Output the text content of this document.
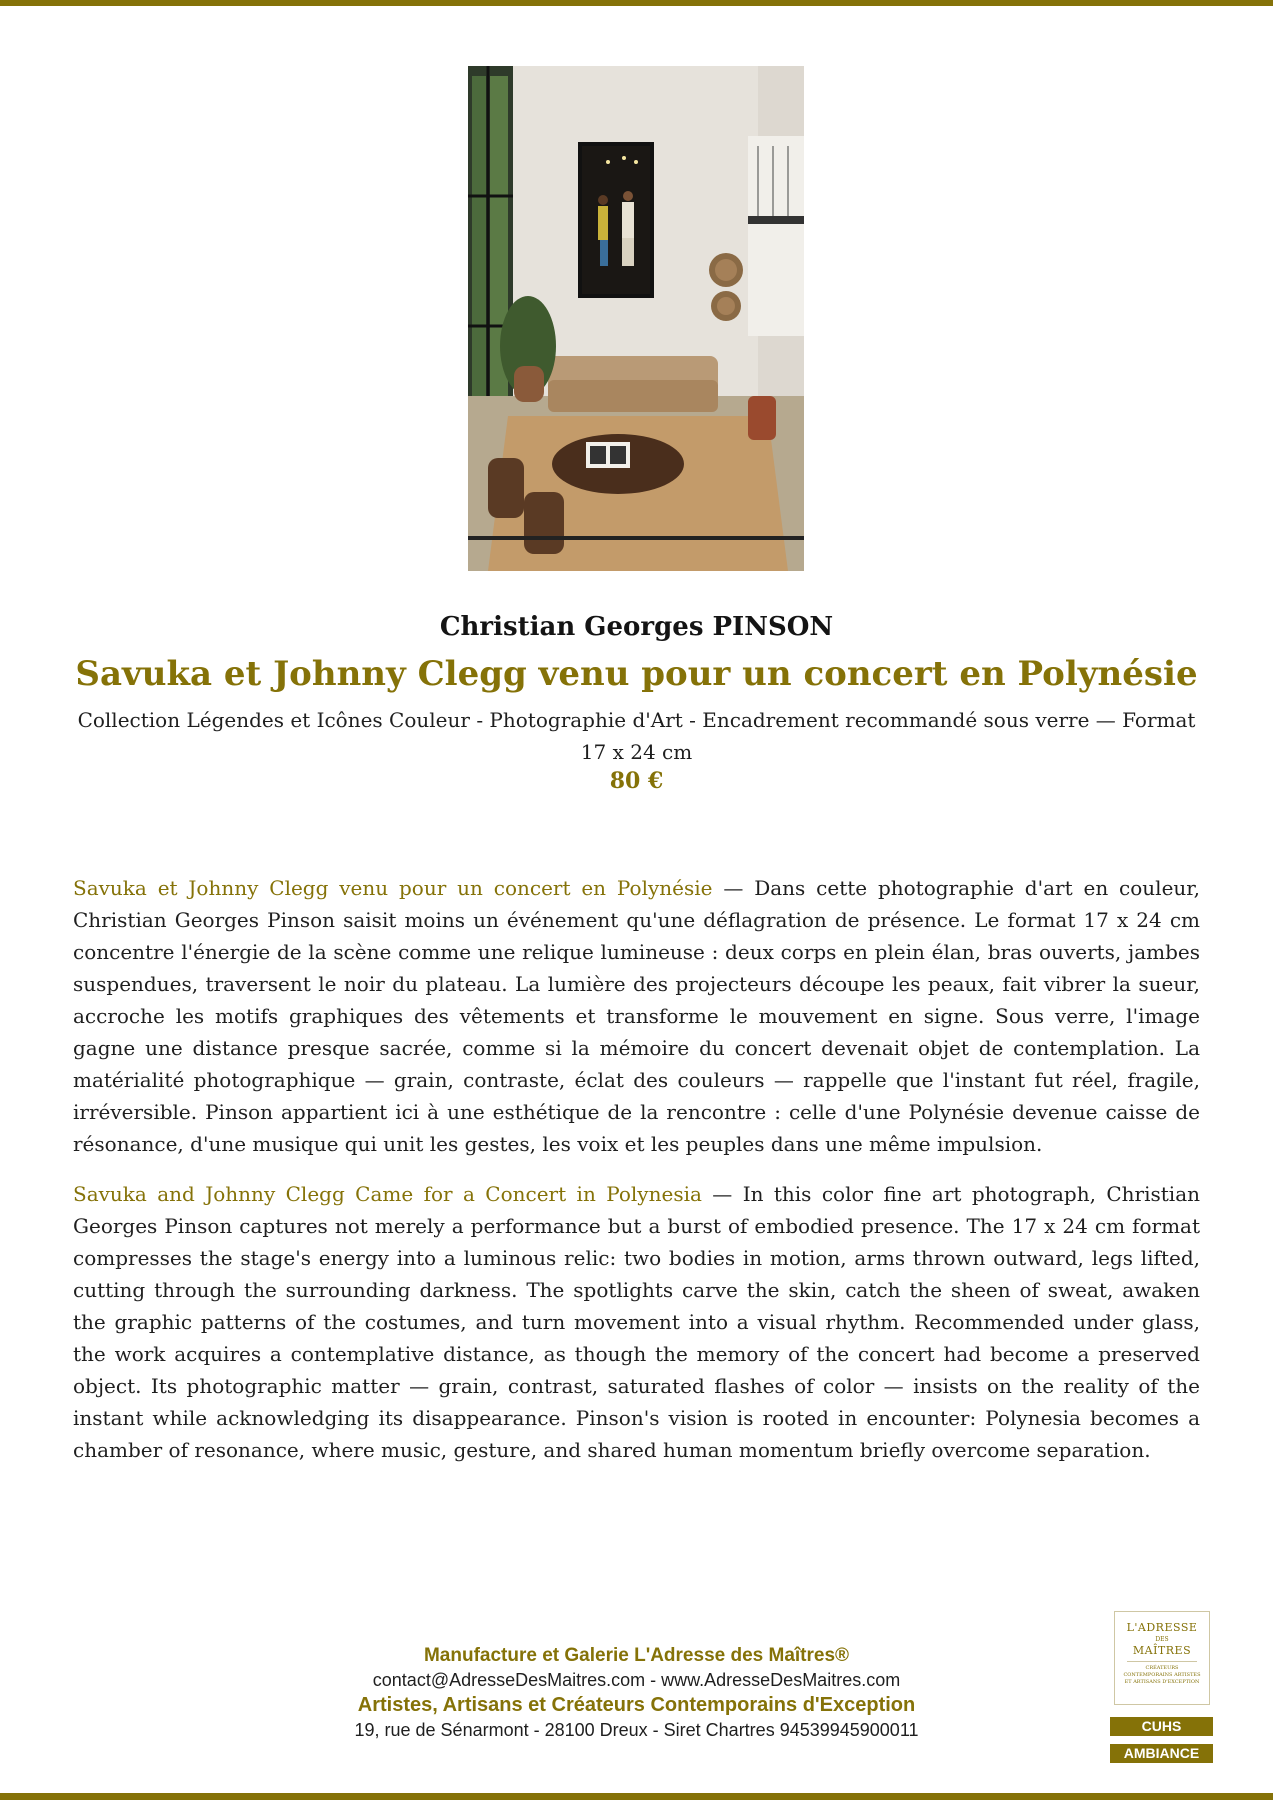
Christian Georges PINSON
Savuka et Johnny Clegg venu pour un concert en Polynésie
Collection Légendes et Icônes Couleur - Photographie d'Art - Encadrement recommandé sous verre — Format 17 x 24 cm
80 €

Savuka et Johnny Clegg venu pour un concert en Polynésie — Dans cette photographie d'art en couleur, Christian Georges Pinson saisit moins un événement qu'une déflagration de présence. Le format 17 x 24 cm concentre l'énergie de la scène comme une relique lumineuse : deux corps en plein élan, bras ouverts, jambes suspendues, traversent le noir du plateau. La lumière des projecteurs découpe les peaux, fait vibrer la sueur, accroche les motifs graphiques des vêtements et transforme le mouvement en signe. Sous verre, l'image gagne une distance presque sacrée, comme si la mémoire du concert devenait objet de contemplation. La matérialité photographique — grain, contraste, éclat des couleurs — rappelle que l'instant fut réel, fragile, irréversible. Pinson appartient ici à une esthétique de la rencontre : celle d'une Polynésie devenue caisse de résonance, d'une musique qui unit les gestes, les voix et les peuples dans une même impulsion.

Savuka and Johnny Clegg Came for a Concert in Polynesia — In this color fine art photograph, Christian Georges Pinson captures not merely a performance but a burst of embodied presence. The 17 x 24 cm format compresses the stage's energy into a luminous relic: two bodies in motion, arms thrown outward, legs lifted, cutting through the surrounding darkness. The spotlights carve the skin, catch the sheen of sweat, awaken the graphic patterns of the costumes, and turn movement into a visual rhythm. Recommended under glass, the work acquires a contemplative distance, as though the memory of the concert had become a preserved object. Its photographic matter — grain, contrast, saturated flashes of color — insists on the reality of the instant while acknowledging its disappearance. Pinson's vision is rooted in encounter: Polynesia becomes a chamber of resonance, where music, gesture, and shared human momentum briefly overcome separation.

Manufacture et Galerie L'Adresse des Maîtres®
contact@AdresseDesMaitres.com - www.AdresseDesMaitres.com
Artistes, Artisans et Créateurs Contemporains d'Exception
19, rue de Sénarmont - 28100 Dreux - Siret Chartres 94539945900011
L'ADRESSE
DES
MAÎTRES
CRÉATEURS CONTEMPORAINS ARTISTES ET ARTISANS D'EXCEPTION
CUHS
AMBIANCE
